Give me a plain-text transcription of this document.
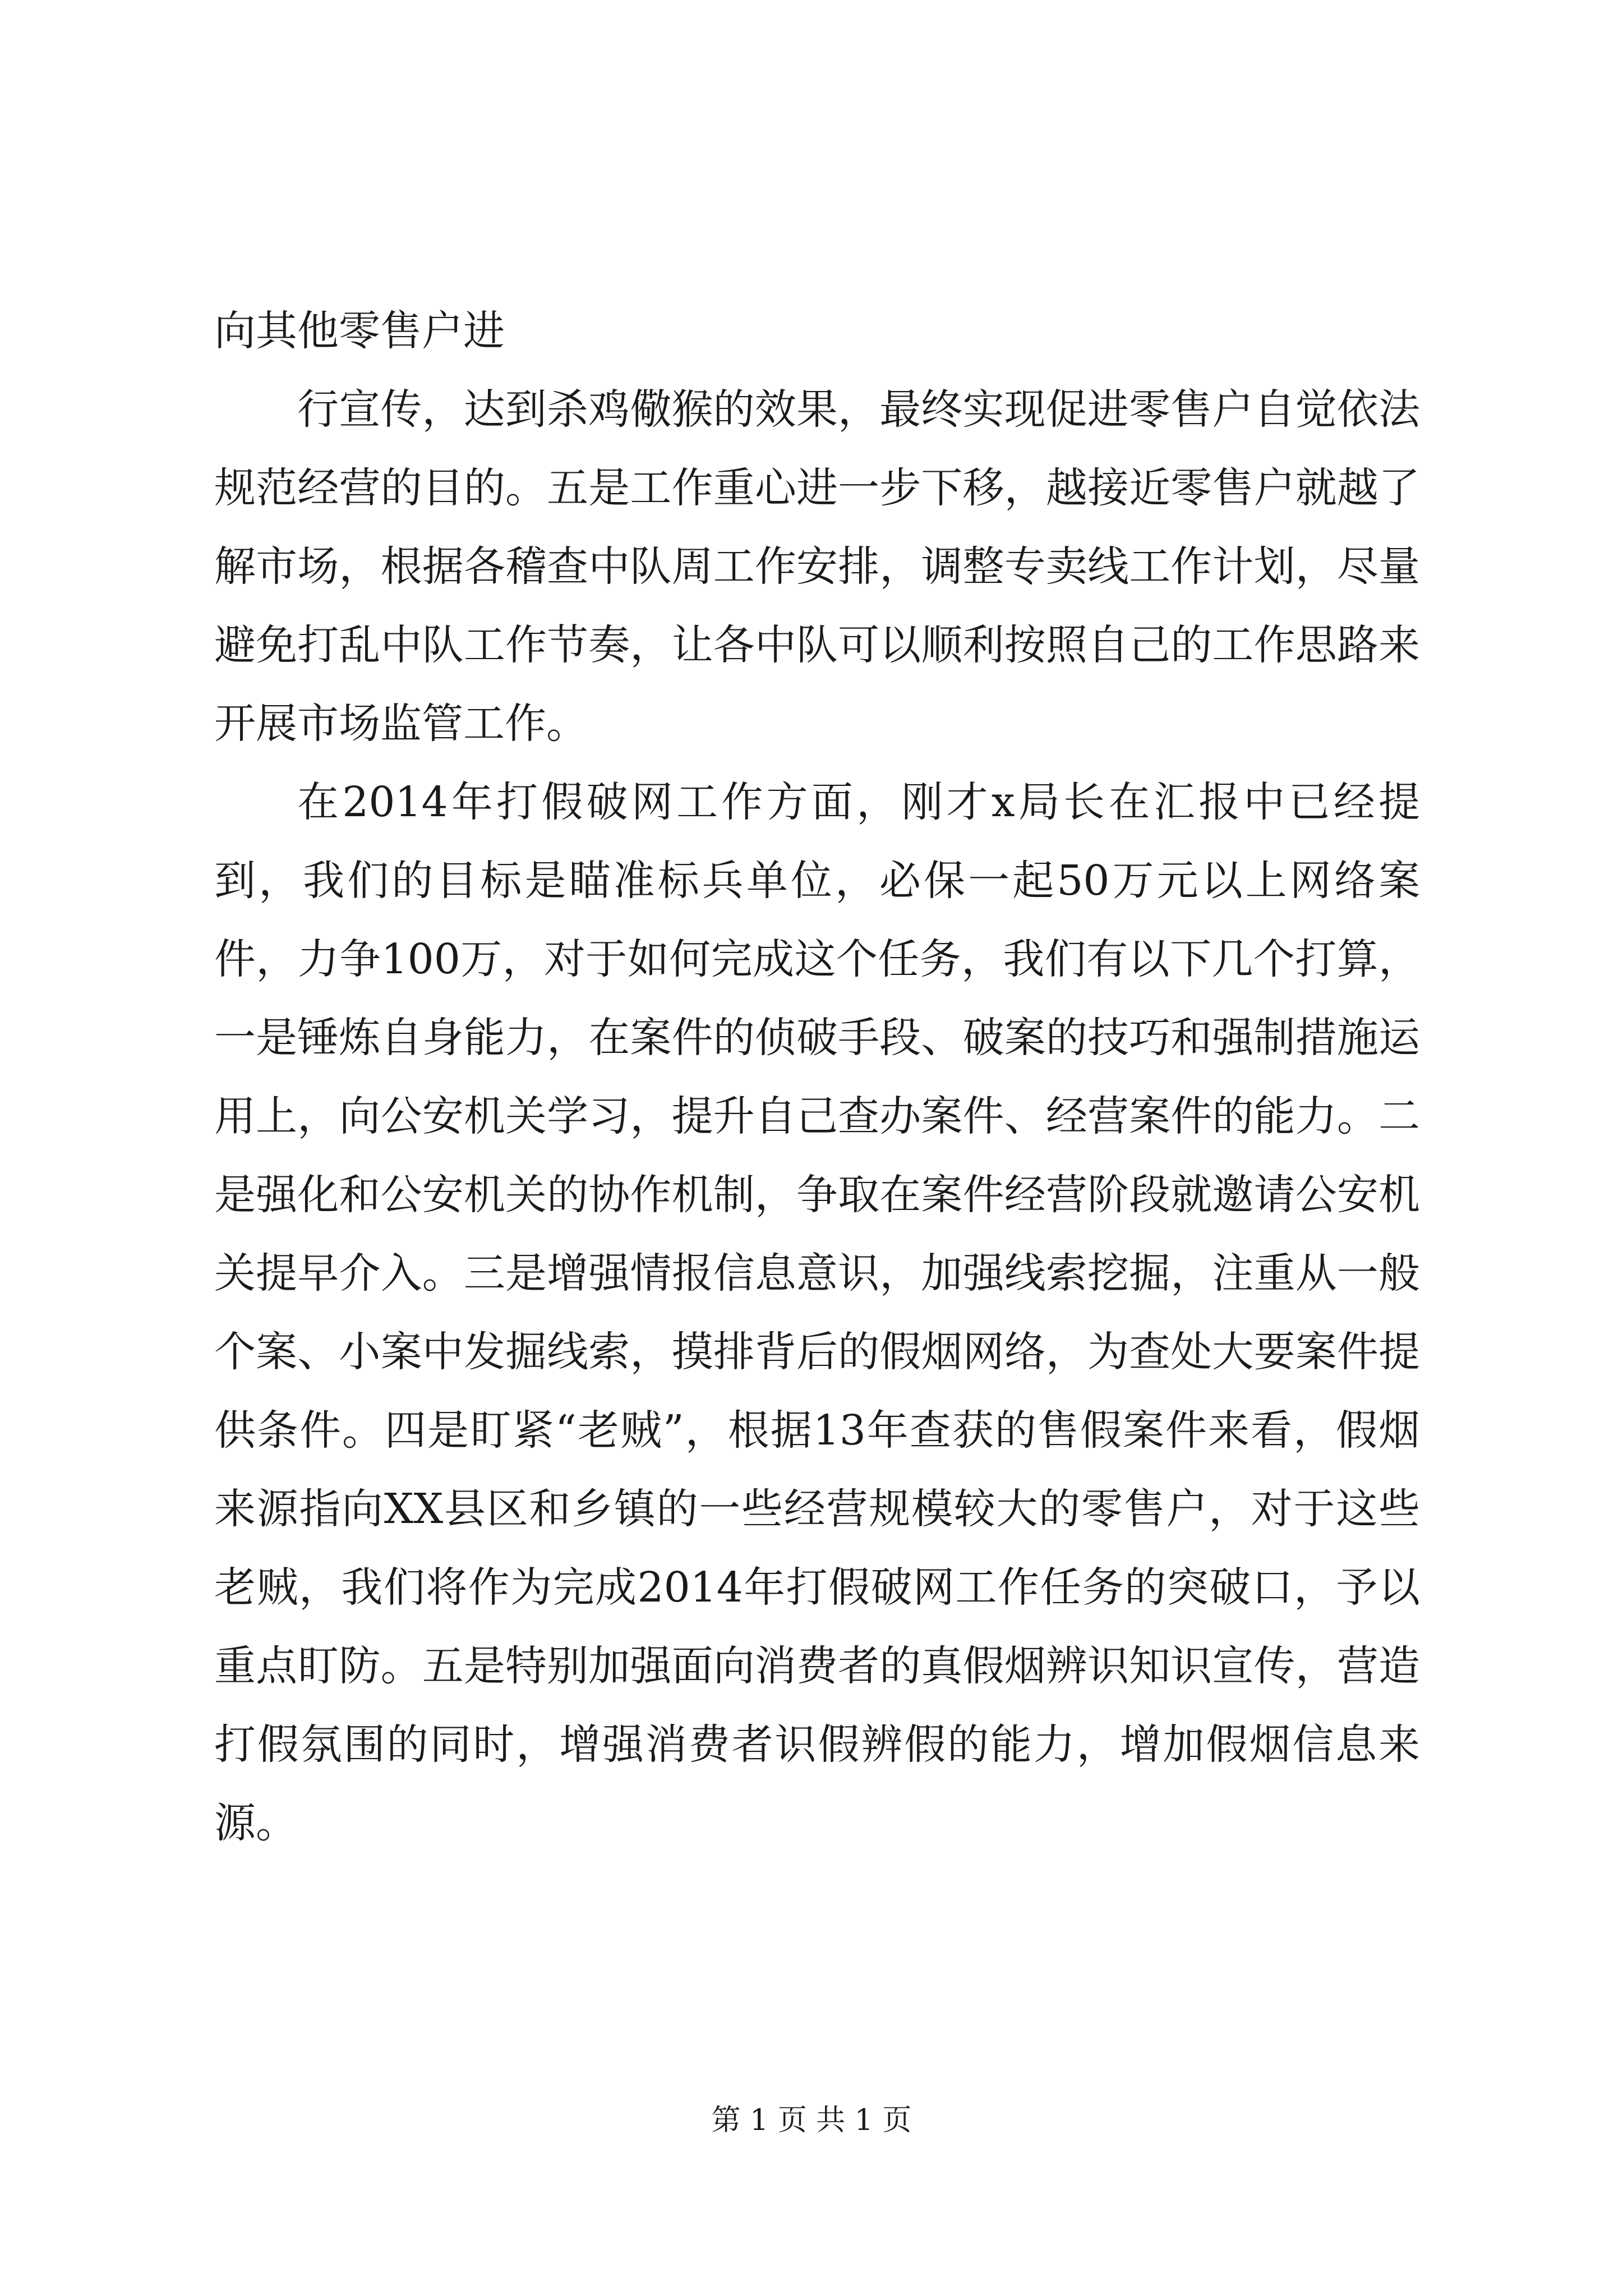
向其他零售户进

行宣传，达到杀鸡儆猴的效果，最终实现促进零售户自觉依法规范经营的目的。五是工作重心进一步下移，越接近零售户就越了解市场，根据各稽查中队周工作安排，调整专卖线工作计划，尽量避免打乱中队工作节奏，让各中队可以顺利按照自己的工作思路来开展市场监管工作。

在2014年打假破网工作方面，刚才x局长在汇报中已经提到，我们的目标是瞄准标兵单位，必保一起50万元以上网络案件，力争100万，对于如何完成这个任务，我们有以下几个打算，一是锤炼自身能力，在案件的侦破手段、破案的技巧和强制措施运用上，向公安机关学习，提升自己查办案件、经营案件的能力。二是强化和公安机关的协作机制，争取在案件经营阶段就邀请公安机关提早介入。三是增强情报信息意识，加强线索挖掘，注重从一般个案、小案中发掘线索，摸排背后的假烟网络，为查处大要案件提供条件。四是盯紧“老贼”，根据13年查获的售假案件来看，假烟来源指向XX县区和乡镇的一些经营规模较大的零售户，对于这些老贼，我们将作为完成2014年打假破网工作任务的突破口，予以重点盯防。五是特别加强面向消费者的真假烟辨识知识宣传，营造打假氛围的同时，增强消费者识假辨假的能力，增加假烟信息来源。

第 1 页 共 1 页
